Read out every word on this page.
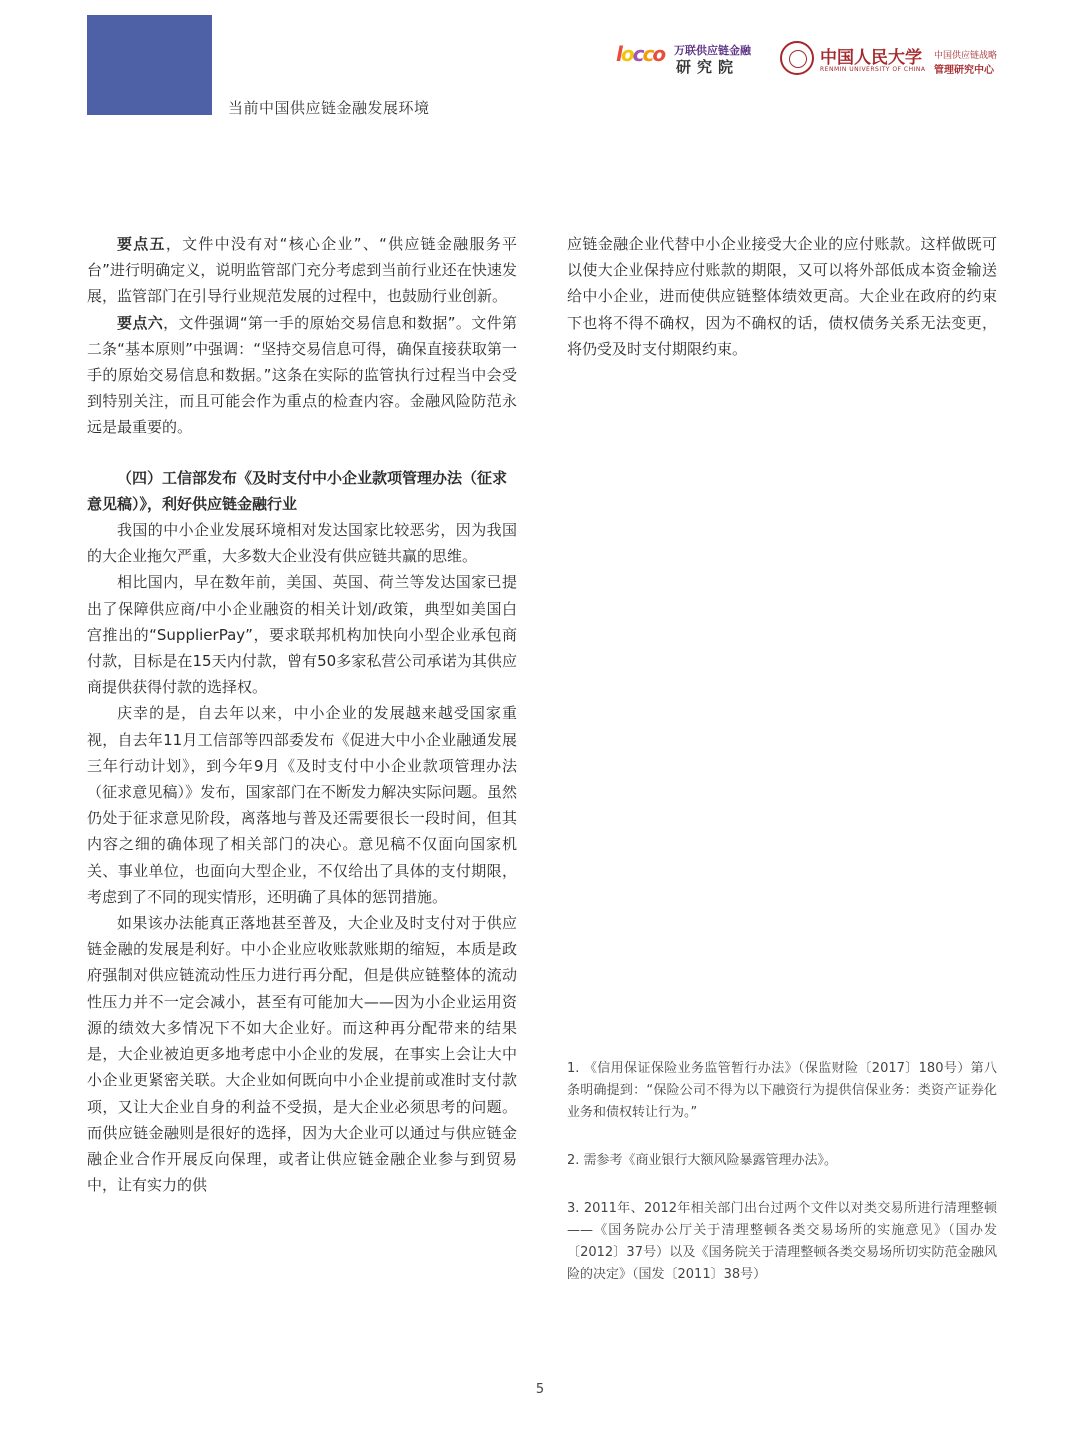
当前中国供应链金融发展环境
locco 万联供应链金融
研究院	中国人民大学
RENMIN UNIVERSITY OF CHINA
中国供应链战略
管理研究中心

要点五，文件中没有对“核心企业”、“供应链金融服务平台”进行明确定义，说明监管部门充分考虑到当前行业还在快速发展，监管部门在引导行业规范发展的过程中，也鼓励行业创新。

要点六，文件强调“第一手的原始交易信息和数据”。文件第二条“基本原则”中强调：“坚持交易信息可得，确保直接获取第一手的原始交易信息和数据。”这条在实际的监管执行过程当中会受到特别关注，而且可能会作为重点的检查内容。金融风险防范永远是最重要的。

（四）工信部发布《及时支付中小企业款项管理办法（征求意见稿）》，利好供应链金融行业

我国的中小企业发展环境相对发达国家比较恶劣，因为我国的大企业拖欠严重，大多数大企业没有供应链共赢的思维。

相比国内，早在数年前，美国、英国、荷兰等发达国家已提出了保障供应商/中小企业融资的相关计划/政策，典型如美国白宫推出的“SupplierPay”，要求联邦机构加快向小型企业承包商付款，目标是在15天内付款，曾有50多家私营公司承诺为其供应商提供获得付款的选择权。

庆幸的是，自去年以来，中小企业的发展越来越受国家重视，自去年11月工信部等四部委发布《促进大中小企业融通发展三年行动计划》，到今年9月《及时支付中小企业款项管理办法（征求意见稿）》发布，国家部门在不断发力解决实际问题。虽然仍处于征求意见阶段，离落地与普及还需要很长一段时间，但其内容之细的确体现了相关部门的决心。意见稿不仅面向国家机关、事业单位，也面向大型企业，不仅给出了具体的支付期限，考虑到了不同的现实情形，还明确了具体的惩罚措施。

如果该办法能真正落地甚至普及，大企业及时支付对于供应链金融的发展是利好。中小企业应收账款账期的缩短，本质是政府强制对供应链流动性压力进行再分配，但是供应链整体的流动性压力并不一定会减小，甚至有可能加大——因为小企业运用资源的绩效大多情况下不如大企业好。而这种再分配带来的结果是，大企业被迫更多地考虑中小企业的发展，在事实上会让大中小企业更紧密关联。大企业如何既向中小企业提前或准时支付款项，又让大企业自身的利益不受损，是大企业必须思考的问题。而供应链金融则是很好的选择，因为大企业可以通过与供应链金融企业合作开展反向保理，或者让供应链金融企业参与到贸易中，让有实力的供

应链金融企业代替中小企业接受大企业的应付账款。这样做既可以使大企业保持应付账款的期限，又可以将外部低成本资金输送给中小企业，进而使供应链整体绩效更高。大企业在政府的约束下也将不得不确权，因为不确权的话，债权债务关系无法变更，将仍受及时支付期限约束。

1. 《信用保证保险业务监管暂行办法》（保监财险〔2017〕180号）第八条明确提到：“保险公司不得为以下融资行为提供信保业务：类资产证券化业务和债权转让行为。”

2. 需参考《商业银行大额风险暴露管理办法》。

3. 2011年、2012年相关部门出台过两个文件以对类交易所进行清理整顿——《国务院办公厅关于清理整顿各类交易场所的实施意见》（国办发〔2012〕37号）以及《国务院关于清理整顿各类交易场所切实防范金融风险的决定》（国发〔2011〕38号）

5
